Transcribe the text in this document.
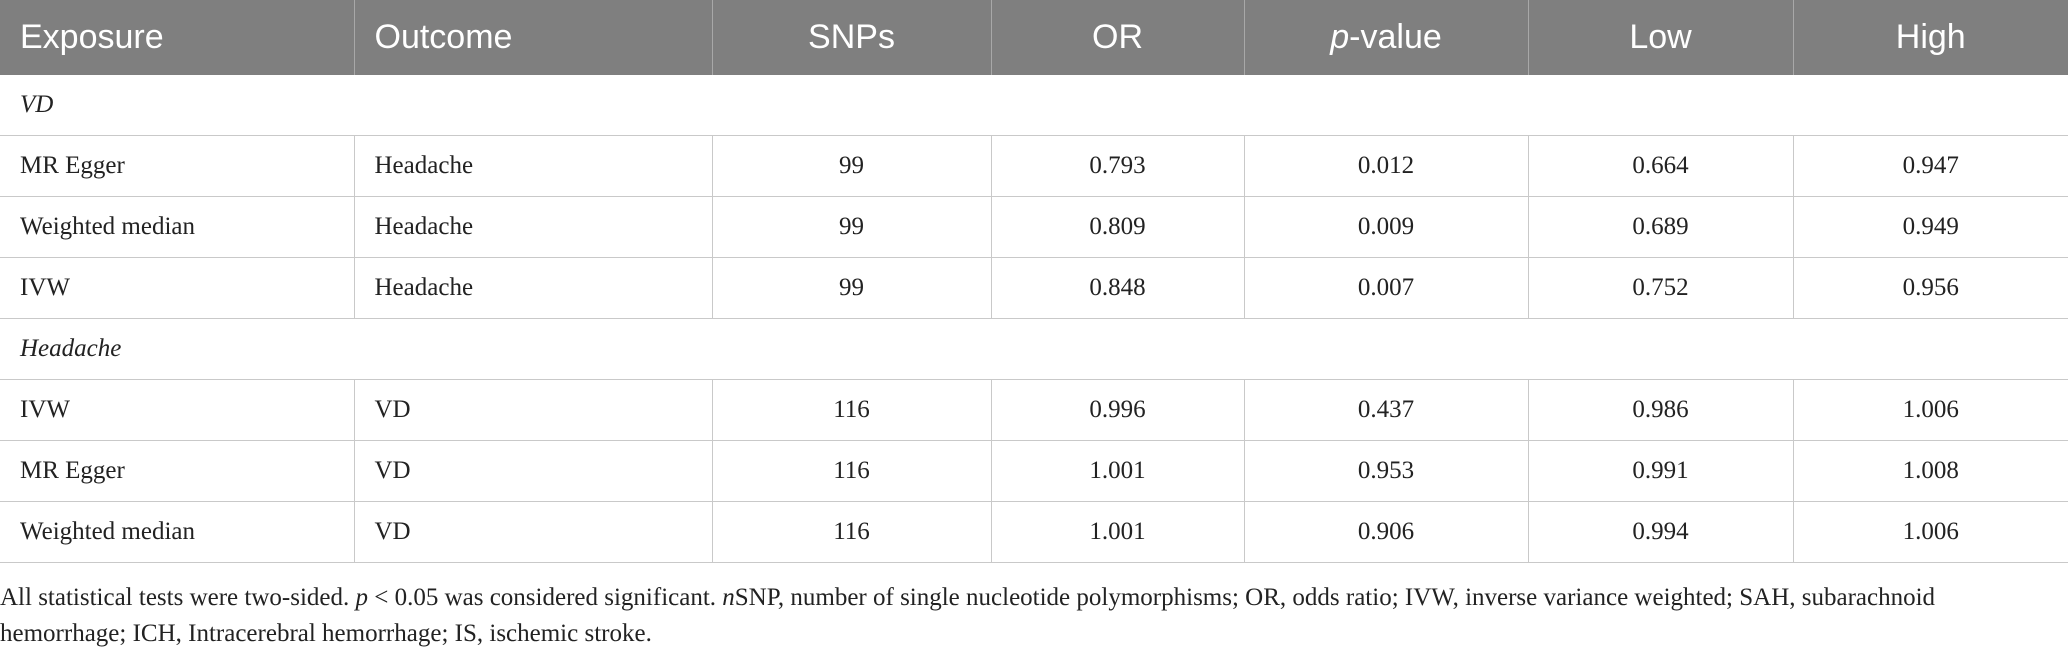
Exposure	Outcome	SNPs	OR	p-value	Low	High
VD						
MR Egger	Headache	99	0.793	0.012	0.664	0.947
Weighted median	Headache	99	0.809	0.009	0.689	0.949
IVW	Headache	99	0.848	0.007	0.752	0.956
Headache						
IVW	VD	116	0.996	0.437	0.986	1.006
MR Egger	VD	116	1.001	0.953	0.991	1.008
Weighted median	VD	116	1.001	0.906	0.994	1.006
All statistical tests were two-sided. p < 0.05 was considered significant. nSNP, number of single nucleotide polymorphisms; OR, odds ratio; IVW, inverse variance weighted; SAH, subarachnoid hemorrhage; ICH, Intracerebral hemorrhage; IS, ischemic stroke.
